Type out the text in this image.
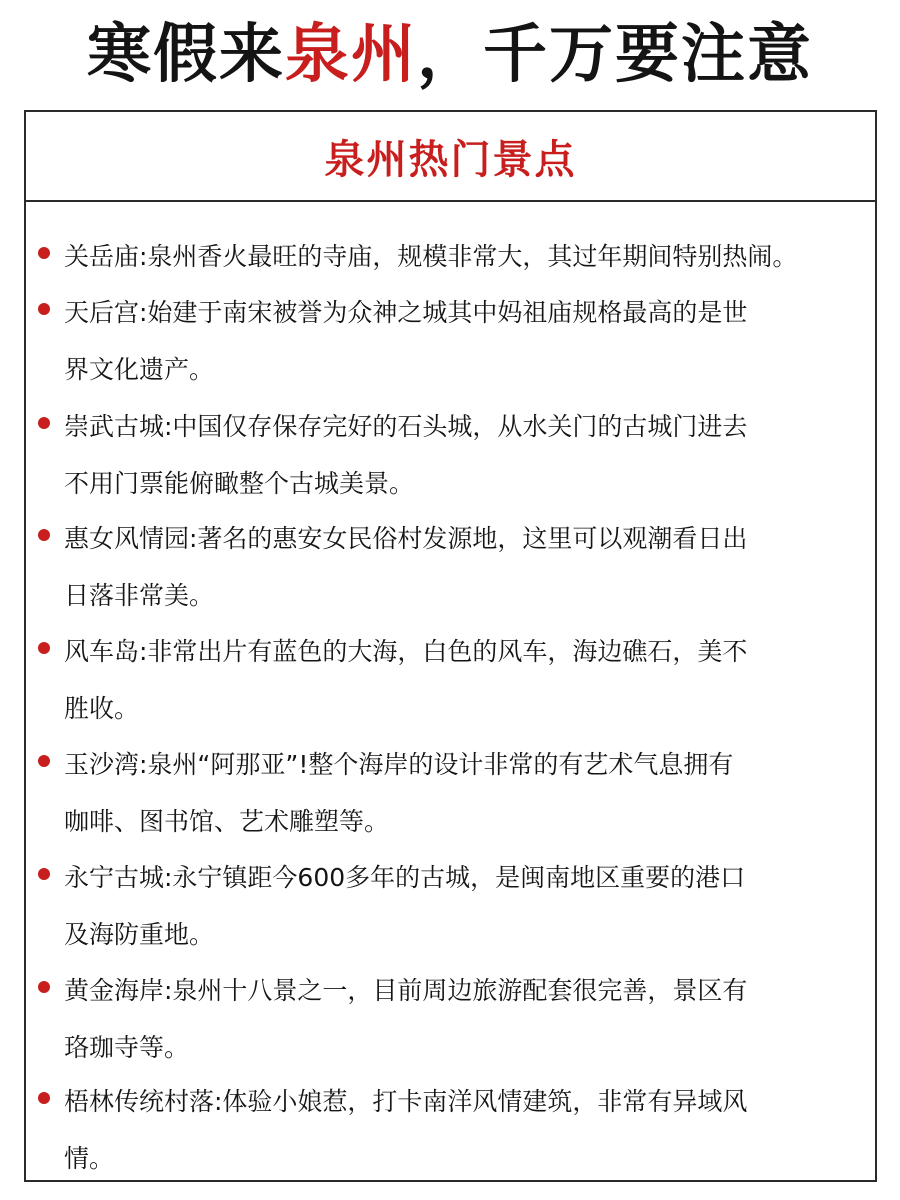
寒假来泉州，千万要注意
泉州热门景点
关岳庙:泉州香火最旺的寺庙，规模非常大，其过年期间特别热闹。
天后宫:始建于南宋被誉为众神之城其中妈祖庙规格最高的是世
界文化遗产。
崇武古城:中国仅存保存完好的石头城，从水关门的古城门进去
不用门票能俯瞰整个古城美景。
惠女风情园:著名的惠安女民俗村发源地，这里可以观潮看日出
日落非常美。
风车岛:非常出片有蓝色的大海，白色的风车，海边礁石，美不
胜收。
玉沙湾:泉州“阿那亚”!整个海岸的设计非常的有艺术气息拥有
咖啡、图书馆、艺术雕塑等。
永宁古城:永宁镇距今600多年的古城，是闽南地区重要的港口
及海防重地。
黄金海岸:泉州十八景之一，目前周边旅游配套很完善，景区有
珞珈寺等。
梧林传统村落:体验小娘惹，打卡南洋风情建筑，非常有异域风
情。
